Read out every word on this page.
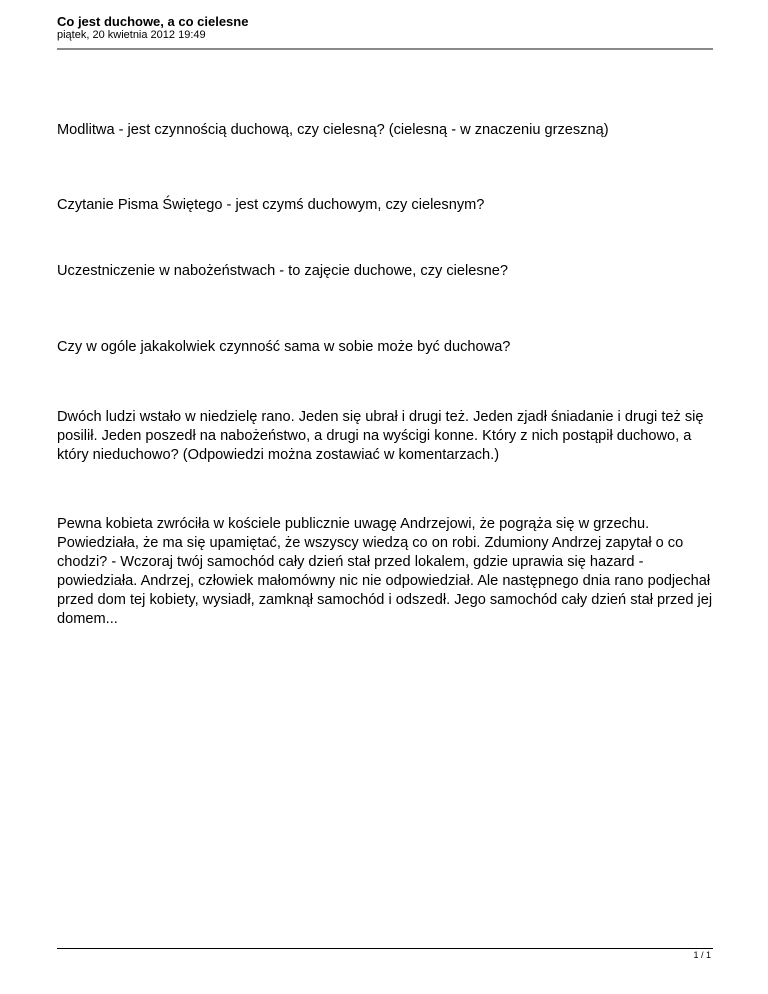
Co jest duchowe, a co cielesne

piątek, 20 kwietnia 2012 19:49

Modlitwa - jest czynnością duchową, czy cielesną? (cielesną - w znaczeniu grzeszną)

Czytanie Pisma Świętego - jest czymś duchowym, czy cielesnym?

Uczestniczenie w nabożeństwach - to zajęcie duchowe, czy cielesne?

Czy w ogóle jakakolwiek czynność sama w sobie może być duchowa?

Dwóch ludzi wstało w niedzielę rano. Jeden się ubrał i drugi też. Jeden zjadł śniadanie i drugi też się posilił. Jeden poszedł na nabożeństwo, a drugi na wyścigi konne. Który z nich postąpił duchowo, a który nieduchowo? (Odpowiedzi można zostawiać w komentarzach.)

Pewna kobieta zwróciła w kościele publicznie uwagę Andrzejowi, że pogrąża się w grzechu. Powiedziała, że ma się upamiętać, że wszyscy wiedzą co on robi. Zdumiony Andrzej zapytał o co chodzi? - Wczoraj twój samochód cały dzień stał przed lokalem, gdzie uprawia się hazard - powiedziała. Andrzej, człowiek małomówny nic nie odpowiedział. Ale następnego dnia rano podjechał przed dom tej kobiety, wysiadł, zamknął samochód i odszedł. Jego samochód cały dzień stał przed jej domem...

1 / 1
